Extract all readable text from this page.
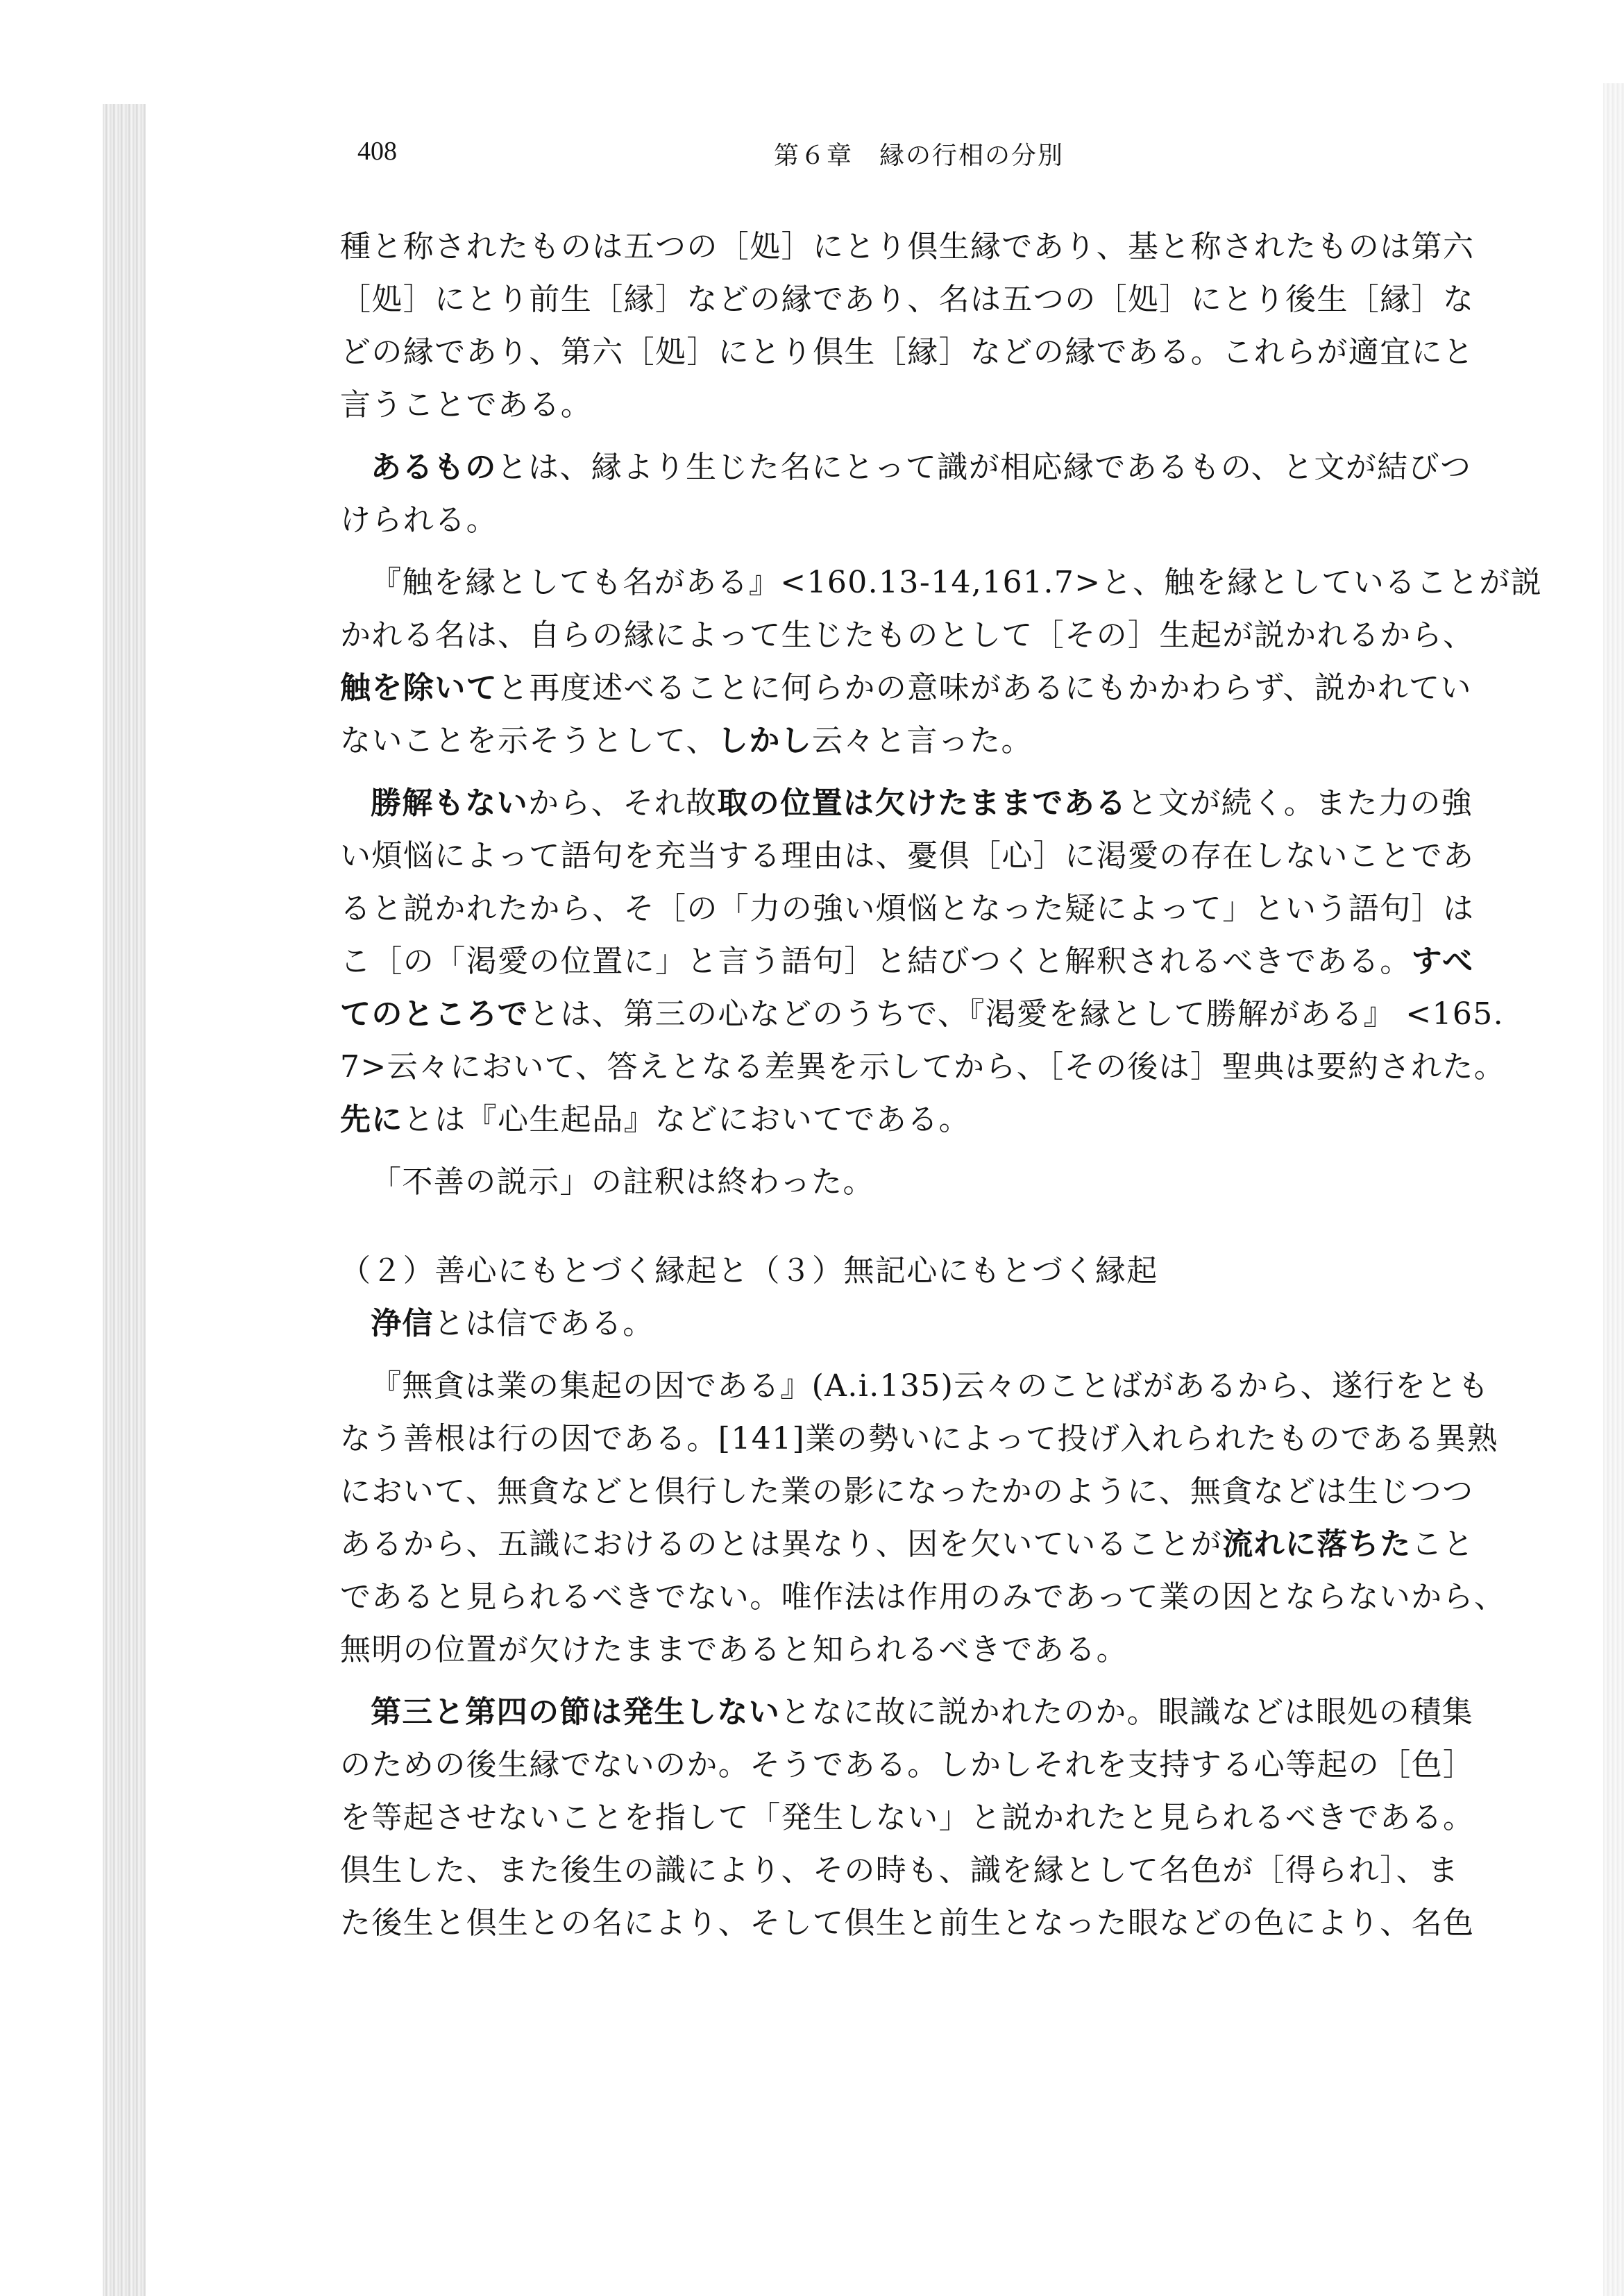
408	第６章　縁の行相の分別
種と称されたものは五つの［処］にとり倶生縁であり、基と称されたものは第六
［処］にとり前生［縁］などの縁であり、名は五つの［処］にとり後生［縁］な
どの縁であり、第六［処］にとり倶生［縁］などの縁である。これらが適宜にと
言うことである。
あるものとは、縁より生じた名にとって識が相応縁であるもの、と文が結びつ
けられる。
『触を縁としても名がある』<160.13-14,161.7>と、触を縁としていることが説
かれる名は、自らの縁によって生じたものとして［その］生起が説かれるから、
触を除いてと再度述べることに何らかの意味があるにもかかわらず、説かれてい
ないことを示そうとして、しかし云々と言った。
勝解もないから、それ故取の位置は欠けたままであると文が続く。また力の強
い煩悩によって語句を充当する理由は、憂倶［心］に渇愛の存在しないことであ
ると説かれたから、そ［の「力の強い煩悩となった疑によって」という語句］は
こ［の「渇愛の位置に」と言う語句］と結びつくと解釈されるべきである。すべ
てのところでとは、第三の心などのうちで、『渇愛を縁として勝解がある』 <165.
7>云々において、答えとなる差異を示してから、［その後は］聖典は要約された。
先にとは『心生起品』などにおいてである。
「不善の説示」の註釈は終わった。
（２）善心にもとづく縁起と（３）無記心にもとづく縁起
浄信とは信である。
『無貪は業の集起の因である』(A.i.135)云々のことばがあるから、遂行をとも
なう善根は行の因である。[141]業の勢いによって投げ入れられたものである異熟
において、無貪などと倶行した業の影になったかのように、無貪などは生じつつ
あるから、五識におけるのとは異なり、因を欠いていることが流れに落ちたこと
であると見られるべきでない。唯作法は作用のみであって業の因とならないから、
無明の位置が欠けたままであると知られるべきである。
第三と第四の節は発生しないとなに故に説かれたのか。眼識などは眼処の積集
のための後生縁でないのか。そうである。しかしそれを支持する心等起の［色］
を等起させないことを指して「発生しない」と説かれたと見られるべきである。
倶生した、また後生の識により、その時も、識を縁として名色が［得られ］、ま
た後生と倶生との名により、そして倶生と前生となった眼などの色により、名色
